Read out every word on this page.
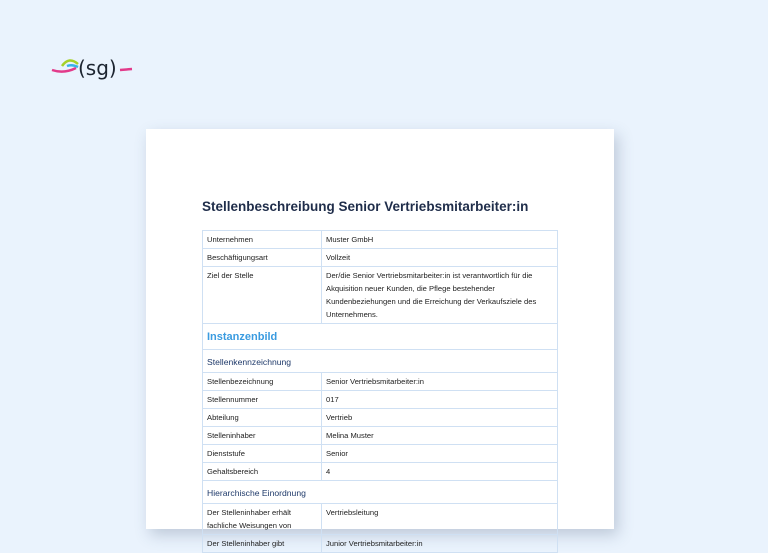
(sg)
Stellenbeschreibung Senior Vertriebsmitarbeiter:in
Unternehmen	Muster GmbH
Beschäftigungsart	Vollzeit
Ziel der Stelle	Der/die Senior Vertriebsmitarbeiter:in ist verantwortlich für die Akquisition neuer Kunden, die Pflege bestehender Kundenbeziehungen und die Erreichung der Verkaufsziele des Unternehmens.
Instanzenbild	
Stellenkennzeichnung	
Stellenbezeichnung	Senior Vertriebsmitarbeiter:in
Stellennummer	017
Abteilung	Vertrieb
Stelleninhaber	Melina Muster
Dienststufe	Senior
Gehaltsbereich	4
Hierarchische Einordnung	
Der Stelleninhaber erhält fachliche Weisungen von	Vertriebsleitung
Der Stelleninhaber gibt	Junior Vertriebsmitarbeiter:in
